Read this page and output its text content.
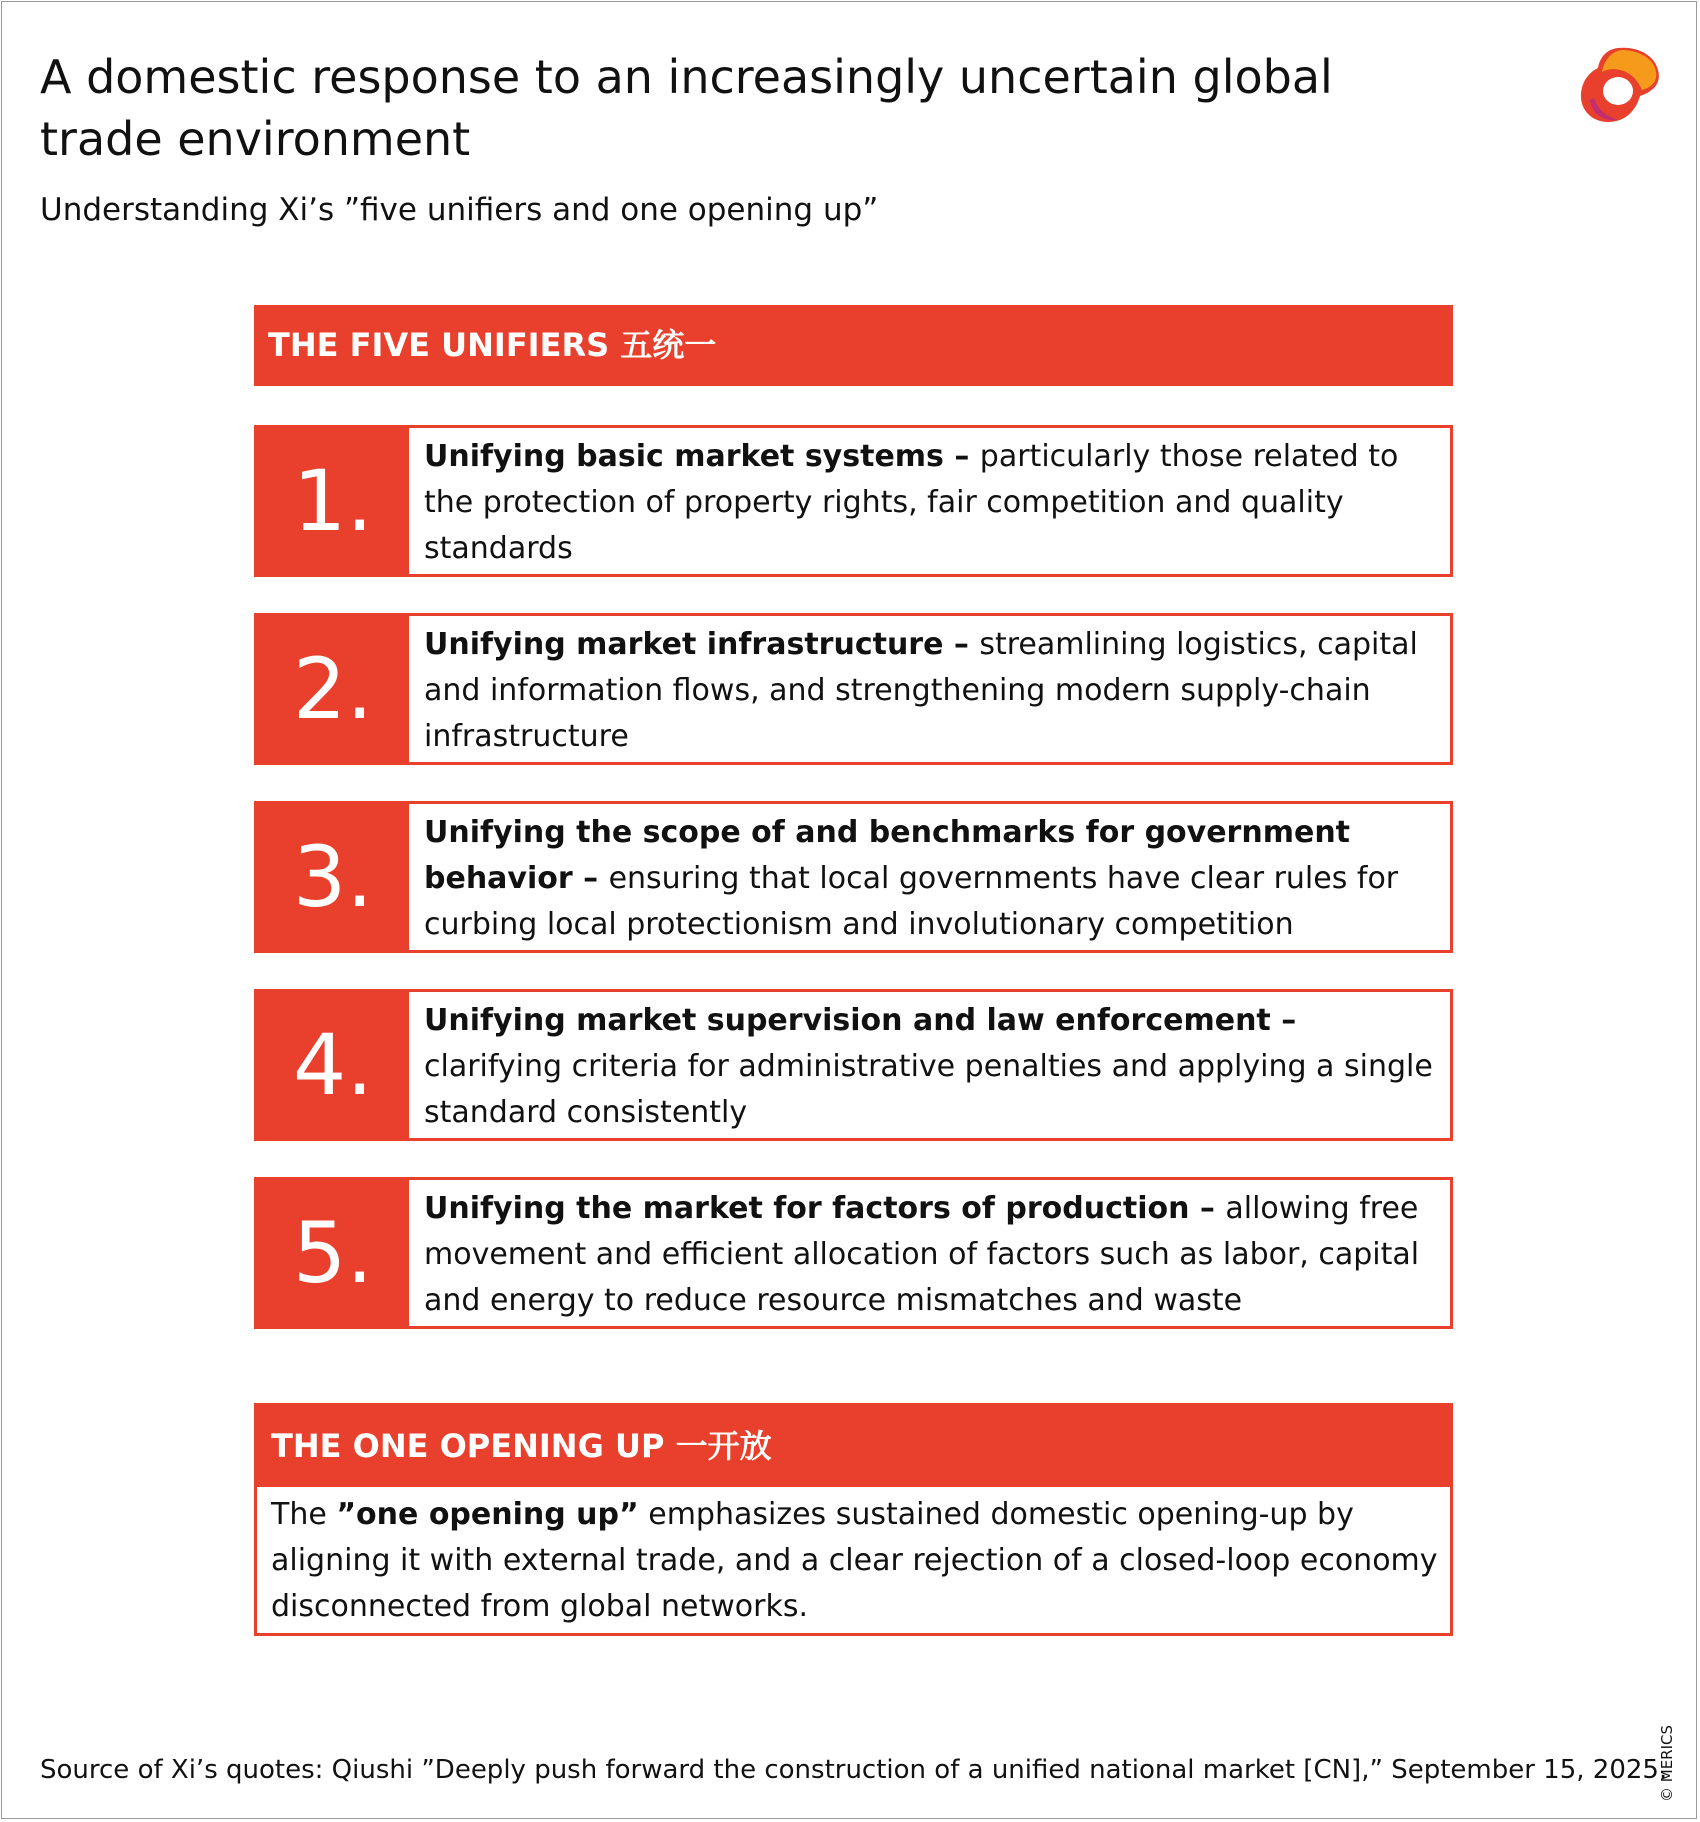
A domestic response to an increasingly uncertain global trade environment
Understanding Xi’s ”five unifiers and one opening up”
THE FIVE UNIFIERS 五统一
1.	Unifying basic market systems – particularly those related to the protection of property rights, fair competition and quality standards
2.	Unifying market infrastructure – streamlining logistics, capital and information flows, and strengthening modern supply-chain infrastructure
3.	Unifying the scope of and benchmarks for government behavior – ensuring that local governments have clear rules for curbing local protectionism and involutionary competition
4.	Unifying market supervision and law enforcement – clarifying criteria for administrative penalties and applying a single standard consistently
5.	Unifying the market for factors of production – allowing free movement and efficient allocation of factors such as labor, capital and energy to reduce resource mismatches and waste
THE ONE OPENING UP 一开放
The ”one opening up” emphasizes sustained domestic opening-up by aligning it with external trade, and a clear rejection of a closed-loop economy disconnected from global networks.
Source of Xi’s quotes: Qiushi ”Deeply push forward the construction of a unified national market [CN],” September 15, 2025.
© MERICS
